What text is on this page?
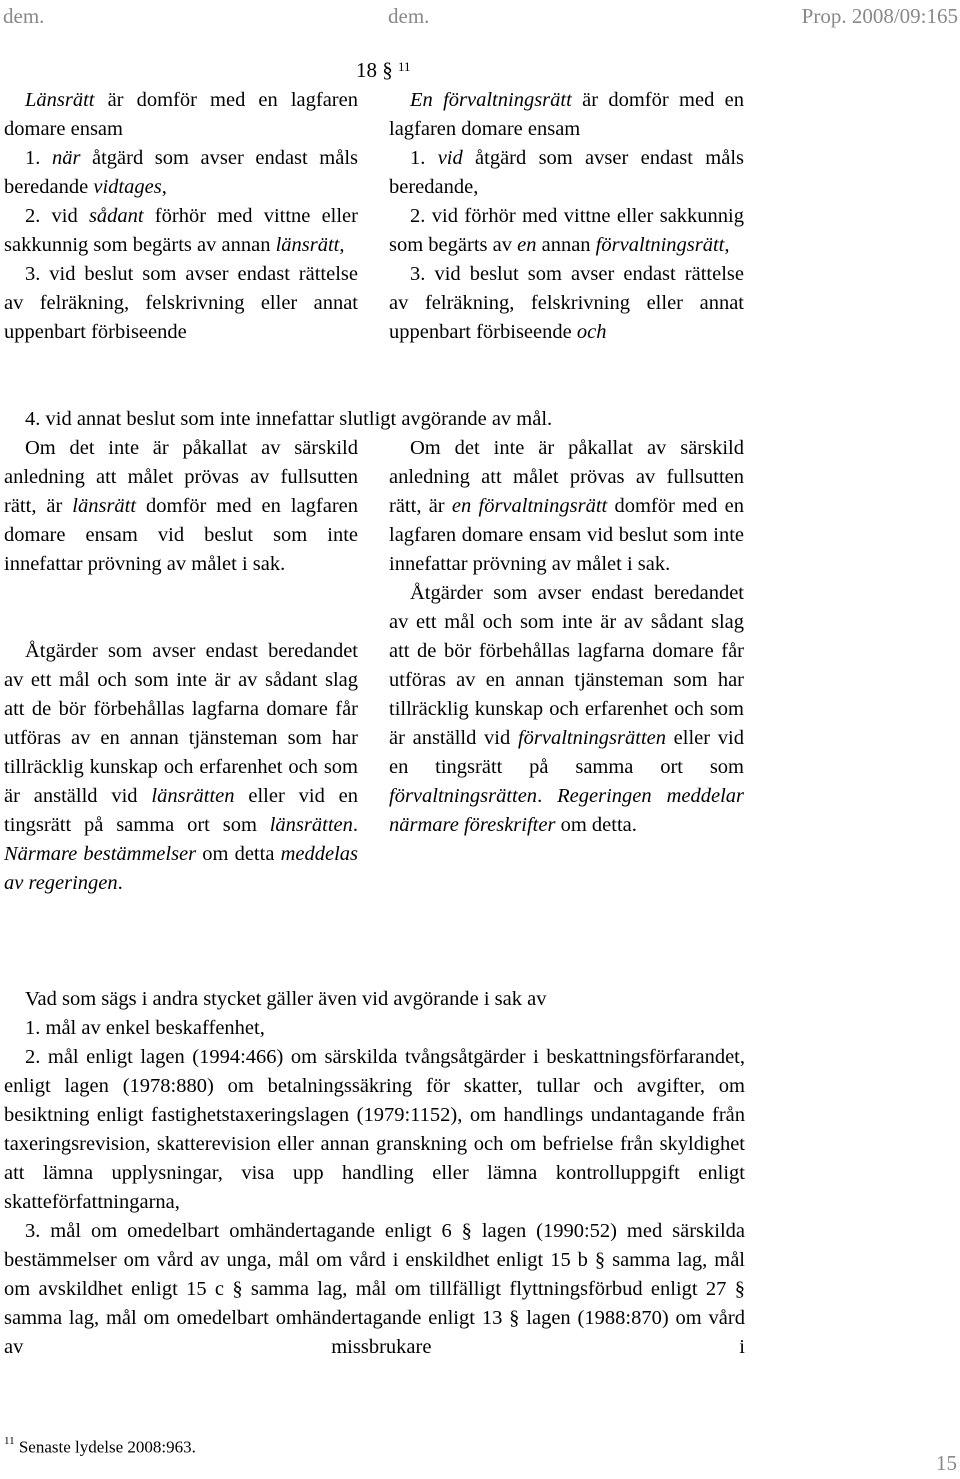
dem.	dem.	Prop. 2008/09:165
18 § $^{11}$

Länsrätt är domför med en lagfaren domare ensam

1. när åtgärd som avser endast måls beredande vidtages,

2. vid sådant förhör med vittne eller sakkunnig som begärts av annan länsrätt,

3. vid beslut som avser endast rättelse av felräkning, felskrivning eller annat uppenbart förbiseende

En förvaltningsrätt är domför med en lagfaren domare ensam

1. vid åtgärd som avser endast måls beredande,

2. vid förhör med vittne eller sakkunnig som begärts av en annan förvaltningsrätt,

3. vid beslut som avser endast rättelse av felräkning, felskrivning eller annat uppenbart förbiseende och

4. vid annat beslut som inte innefattar slutligt avgörande av mål.

Om det inte är påkallat av särskild anledning att målet prövas av fullsutten rätt, är länsrätt domför med en lagfaren domare ensam vid beslut som inte innefattar prövning av målet i sak.

Åtgärder som avser endast beredandet av ett mål och som inte är av sådant slag att de bör förbehållas lagfarna domare får utföras av en annan tjänsteman som har tillräcklig kunskap och erfarenhet och som är anställd vid länsrätten eller vid en tingsrätt på samma ort som länsrätten. Närmare bestämmelser om detta meddelas av regeringen.

Om det inte är påkallat av särskild anledning att målet prövas av fullsutten rätt, är en förvaltningsrätt domför med en lagfaren domare ensam vid beslut som inte innefattar prövning av målet i sak.

Åtgärder som avser endast beredandet av ett mål och som inte är av sådant slag att de bör förbehållas lagfarna domare får utföras av en annan tjänsteman som har tillräcklig kunskap och erfarenhet och som är anställd vid förvaltningsrätten eller vid en tingsrätt på samma ort som förvaltningsrätten. Regeringen meddelar närmare föreskrifter om detta.

Vad som sägs i andra stycket gäller även vid avgörande i sak av

1. mål av enkel beskaffenhet,

2. mål enligt lagen (1994:466) om särskilda tvångsåtgärder i beskattningsförfarandet, enligt lagen (1978:880) om betalningssäkring för skatter, tullar och avgifter, om besiktning enligt fastighetstaxeringslagen (1979:1152), om handlings undantagande från taxeringsrevision, skatterevision eller annan granskning och om befrielse från skyldighet att lämna upplysningar, visa upp handling eller lämna kontrolluppgift enligt skatteförfattningarna,

3. mål om omedelbart omhändertagande enligt 6 § lagen (1990:52) med särskilda bestämmelser om vård av unga, mål om vård i enskildhet enligt 15 b § samma lag, mål om avskildhet enligt 15 c § samma lag, mål om tillfälligt flyttningsförbud enligt 27 § samma lag, mål om omedelbart omhändertagande enligt 13 § lagen (1988:870) om vård av missbrukare i

$^{11}$ Senaste lydelse 2008:963.
15
